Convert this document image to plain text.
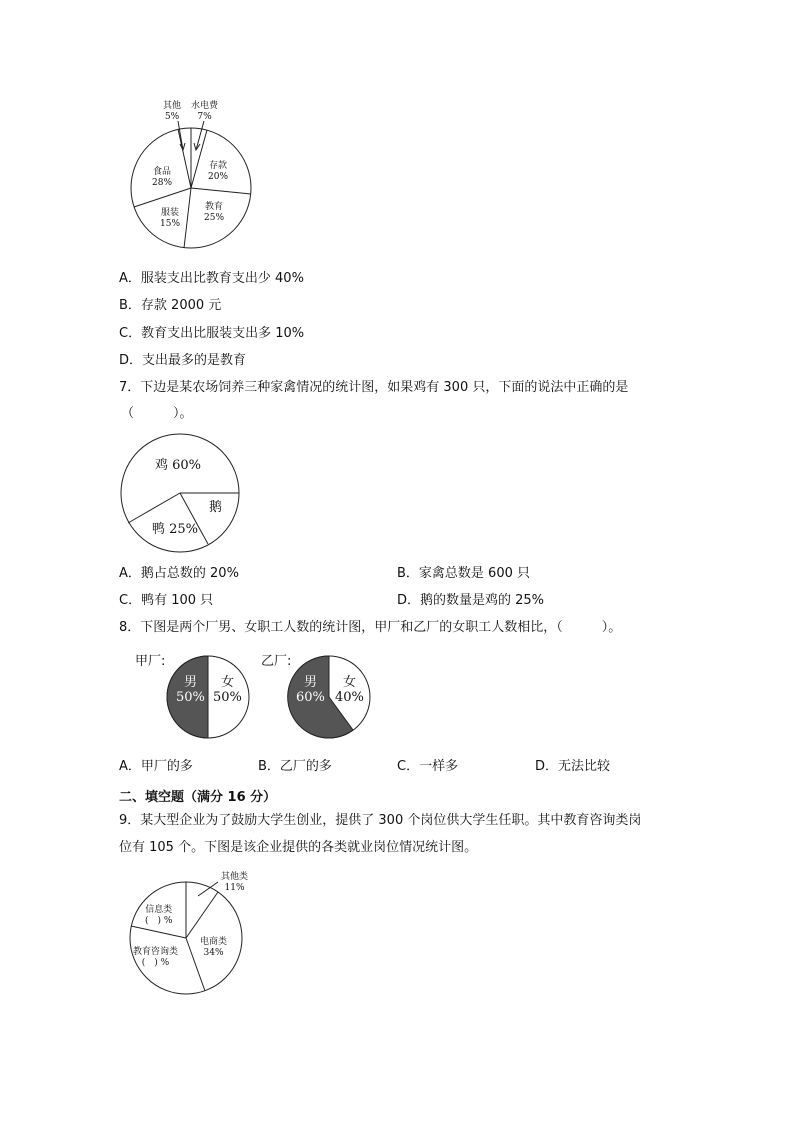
其他
5%
水电费
7%
存款
20%
食品
28%
教育
25%
服装
15%
A．服装支出比教育支出少 40%
B．存款 2000 元
C．教育支出比服装支出多 10%
D．支出最多的是教育
7．下边是某农场饲养三种家禽情况的统计图，如果鸡有 300 只，下面的说法中正确的是
（　　　）。
鸡 60%
鹅
鸭 25%
A．鹅占总数的 20%	B．家禽总数是 600 只
C．鸭有 100 只	D．鹅的数量是鸡的 25%
8．下图是两个厂男、女职工人数的统计图，甲厂和乙厂的女职工人数相比，（　　　）。
甲厂:	乙厂:
男
50%
女
50%
男
60%
女
40%
A．甲厂的多	B．乙厂的多	C．一样多	D．无法比较
二、填空题（满分 16 分）
9．某大型企业为了鼓励大学生创业，提供了 300 个岗位供大学生任职。其中教育咨询类岗
位有 105 个。下图是该企业提供的各类就业岗位情况统计图。
其他类
11%
信息类
(　) %
教育咨询类
(　) %
电商类
34%
